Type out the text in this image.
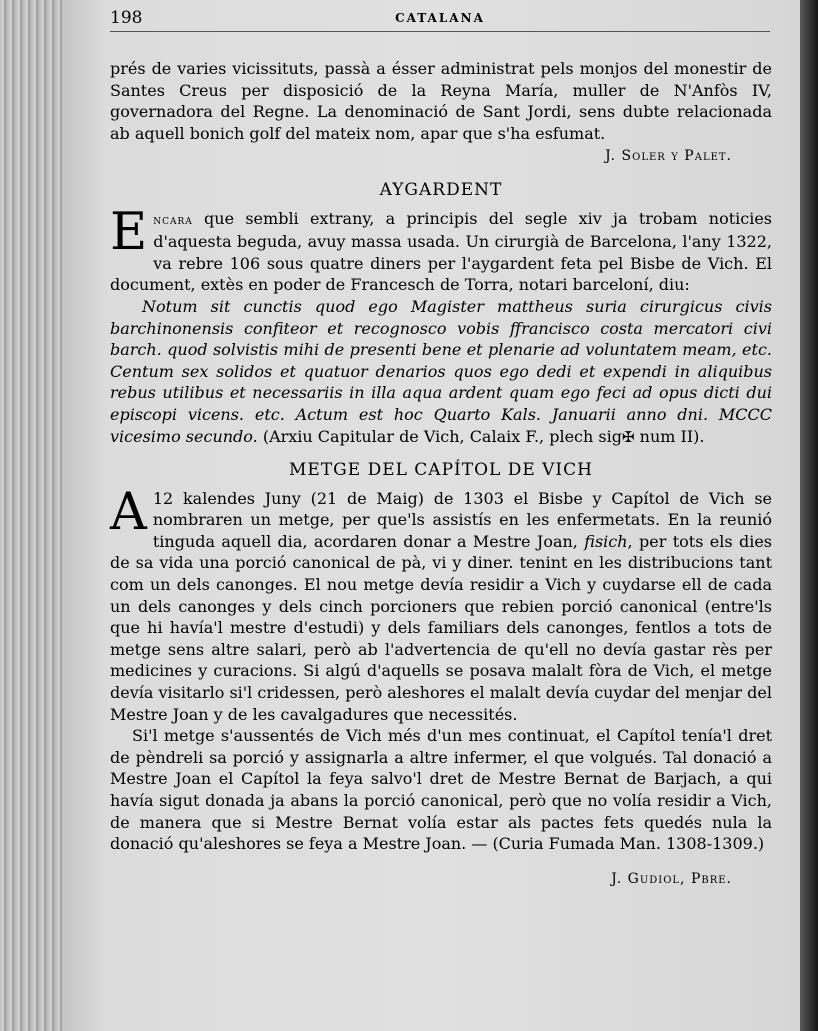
198	CATALANA

prés de varies vicissituts, passà a ésser administrat pels monjos del monestir de Santes Creus per disposició de la Reyna María, muller de N'Anfòs IV, governadora del Regne. La denominació de Sant Jordi, sens dubte relacionada ab aquell bonich golf del mateix nom, apar que s'ha esfumat.

J. Soler y Palet.
AYGARDENT

Encara que sembli extrany, a principis del segle xiv ja trobam noticies d'aquesta beguda, avuy massa usada. Un cirurgià de Barcelona, l'any 1322, va rebre 106 sous quatre diners per l'aygardent feta pel Bisbe de Vich. El document, extès en poder de Francesch de Torra, notari barceloní, diu:

Notum sit cunctis quod ego Magister mattheus suria cirurgicus civis barchinonensis confiteor et recognosco vobis ffrancisco costa mercatori civi barch. quod solvistis mihi de presenti bene et plenarie ad voluntatem meam, etc. Centum sex solidos et quatuor denarios quos ego dedi et expendi in aliquibus rebus utilibus et necessariis in illa aqua ardent quam ego feci ad opus dicti dui episcopi vicens. etc. Actum est hoc Quarto Kals. Januarii anno dni. MCCC vicesimo secundo. (Arxiu Capitular de Vich, Calaix F., plech sig✠ num II).

METGE DEL CAPÍTOL DE VICH

A 12 kalendes Juny (21 de Maig) de 1303 el Bisbe y Capítol de Vich se nombraren un metge, per que'ls assistís en les enfermetats. En la reunió tinguda aquell dia, acordaren donar a Mestre Joan, fisich, per tots els dies de sa vida una porció canonical de pà, vi y diner. tenint en les distribucions tant com un dels canonges. El nou metge devía residir a Vich y cuydarse ell de cada un dels canonges y dels cinch porcioners que rebien porció canonical (entre'ls que hi havía'l mestre d'estudi) y dels familiars dels canonges, fentlos a tots de metge sens altre salari, però ab l'advertencia de qu'ell no devía gastar rès per medicines y curacions. Si algú d'aquells se posava malalt fòra de Vich, el metge devía visitarlo si'l cridessen, però aleshores el malalt devía cuydar del menjar del Mestre Joan y de les cavalgadures que necessités.

Si'l metge s'aussentés de Vich més d'un mes continuat, el Capítol tenía'l dret de pèndreli sa porció y assignarla a altre infermer, el que volgués. Tal donació a Mestre Joan el Capítol la feya salvo'l dret de Mestre Bernat de Barjach, a qui havía sigut donada ja abans la porció canonical, però que no volía residir a Vich, de manera que si Mestre Bernat volía estar als pactes fets quedés nula la donació qu'aleshores se feya a Mestre Joan. — (Curia Fumada Man. 1308-1309.)

J. Gudiol, Pbre.
